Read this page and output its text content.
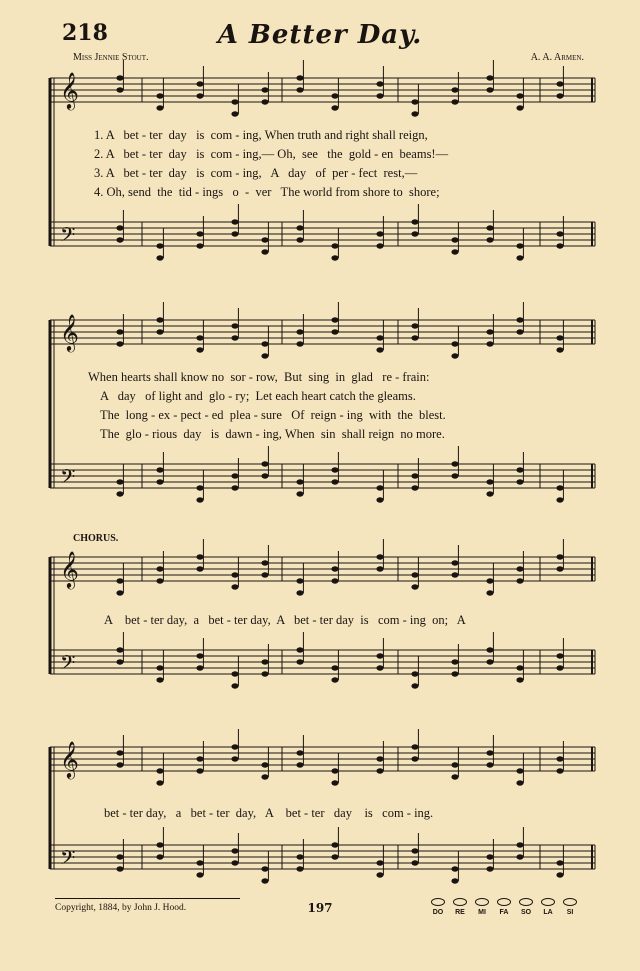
218	A Better Day.
Miss Jennie Stout.	A. A. Armen.
𝄞
𝄢
𝄞
𝄢
𝄞
𝄢
𝄞
𝄢
1. A   bet - ter  day   is  com - ing, When truth and right shall reign,
2. A   bet - ter  day   is  com - ing,— Oh,  see   the  gold - en  beams!—
3. A   bet - ter  day   is  com - ing,   A   day   of  per - fect  rest,—
4. Oh, send  the  tid - ings   o  -  ver   The world from shore to  shore;
When hearts shall know no  sor - row,  But  sing  in  glad   re - frain:
A   day   of light and  glo - ry;  Let each heart catch the gleams.
The  long - ex - pect - ed  plea - sure   Of  reign - ing  with  the  blest.
The  glo - rious  day   is  dawn - ing, When  sin  shall reign  no more.
CHORUS.
A    bet - ter day,  a   bet - ter day,  A   bet - ter day  is   com - ing  on;   A
bet - ter day,   a   bet - ter  day,   A    bet - ter   day    is   com - ing.
Copyright, 1884, by John J. Hood.	197	DO	RE	MI	FA	SO	LA	SI
